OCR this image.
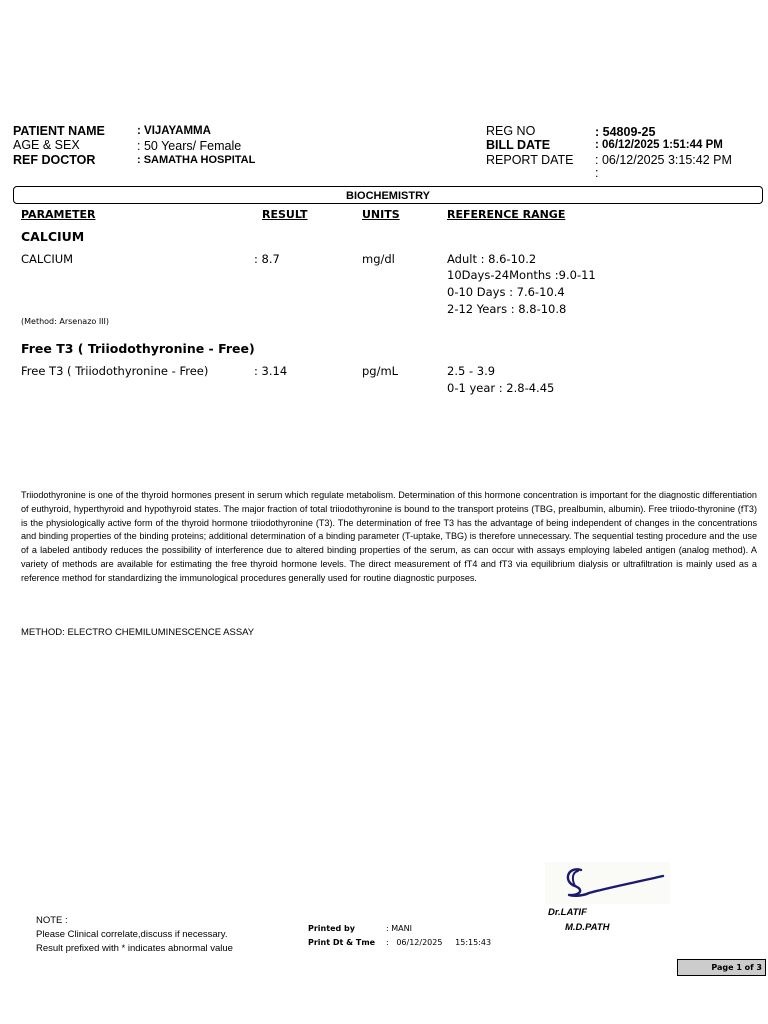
PATIENT NAME	: VIJAYAMMA
AGE & SEX	: 50 Years/ Female
REF DOCTOR	: SAMATHA HOSPITAL
REG NO	: 54809-25
BILL DATE	: 06/12/2025 1:51:44 PM
REPORT DATE : 06/12/2025 3:15:42 PM
:
BIOCHEMISTRY
PARAMETER	RESULT	UNITS	REFERENCE RANGE
CALCIUM
CALCIUM	: 8.7	mg/dl	Adult : 8.6-10.2
10Days-24Months :9.0-11
0-10 Days : 7.6-10.4
2-12 Years : 8.8-10.8
(Method: Arsenazo III)
Free T3 ( Triiodothyronine - Free)
Free T3 ( Triiodothyronine - Free)	: 3.14	pg/mL	2.5 - 3.9
0-1 year : 2.8-4.45
Triiodothyronine is one of the thyroid hormones present in serum which regulate metabolism. Determination of this hormone concentration is important for the diagnostic differentiation of euthyroid, hyperthyroid and hypothyroid states. The major fraction of total triiodothyronine is bound to the transport proteins (TBG, prealbumin, albumin). Free triiodo-thyronine (fT3) is the physiologically active form of the thyroid hormone triiodothyronine (T3). The determination of free T3 has the advantage of being independent of changes in the concentrations and binding properties of the binding proteins; additional determination of a binding parameter (T-uptake, TBG) is therefore unnecessary. The sequential testing procedure and the use of a labeled antibody reduces the possibility of interference due to altered binding properties of the serum, as can occur with assays employing labeled antigen (analog method). A variety of methods are available for estimating the free thyroid hormone levels. The direct measurement of fT4 and fT3 via equilibrium dialysis or ultrafiltration is mainly used as a reference method for standardizing the immunological procedures generally used for routine diagnostic purposes.
METHOD: ELECTRO CHEMILUMINESCENCE ASSAY
Dr.LATIF
M.D.PATH
NOTE :
Please Clinical correlate,discuss if necessary.
Result prefixed with * indicates abnormal value
Printed by	: MANI
Print Dt & Tme :   06/12/2025     15:15:43
Page 1 of 3
